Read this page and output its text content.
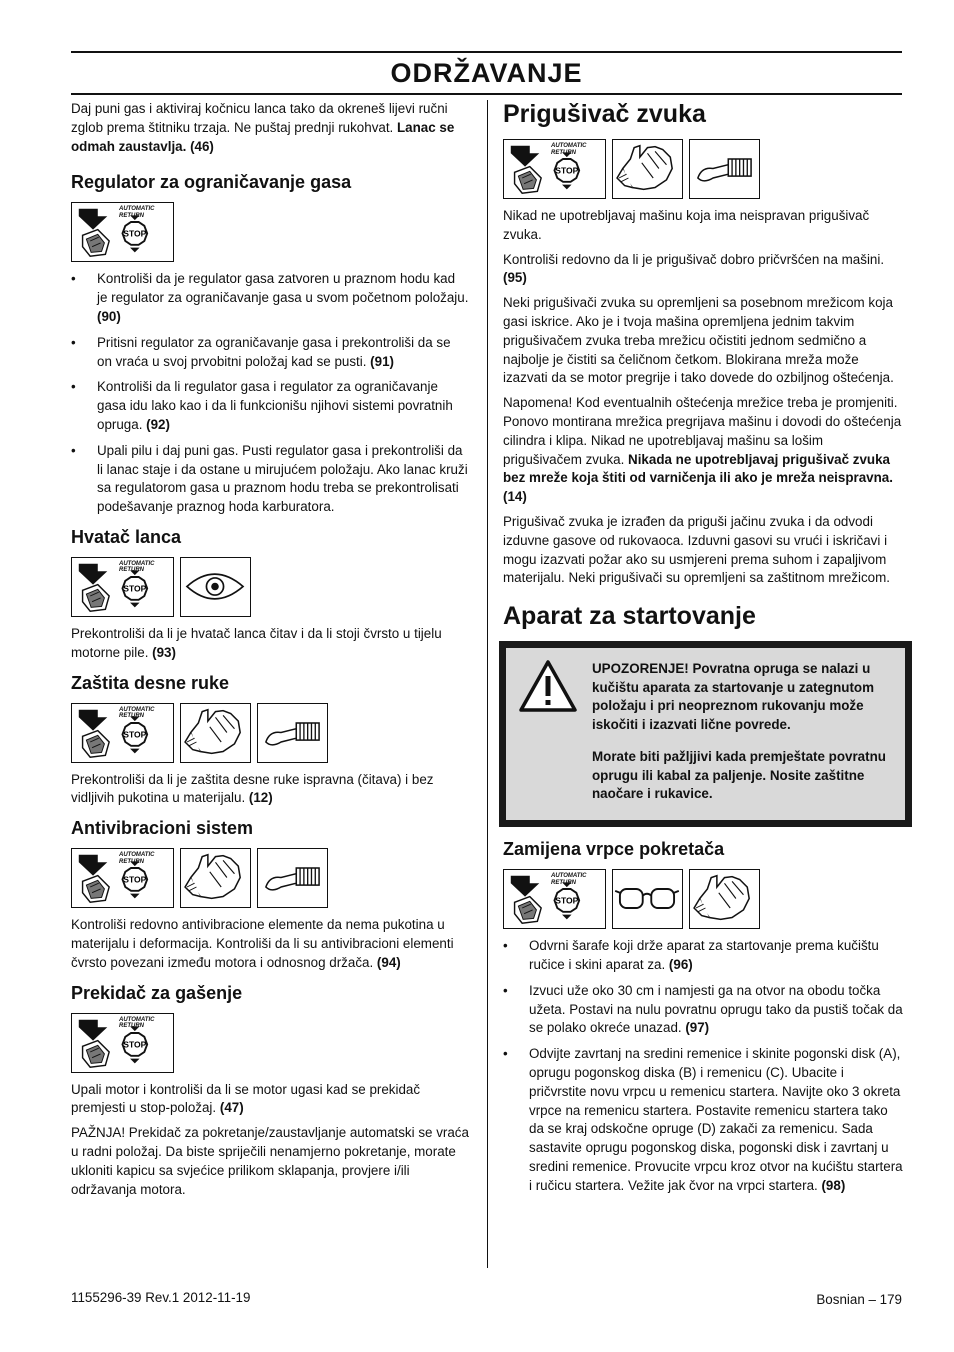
ODRŽAVANJE

Daj puni gas i aktiviraj kočnicu lanca tako da okreneš lijevi ručni zglob prema štitniku trzaja. Ne puštaj prednji rukohvat. Lanac se odmah zaustavlja. (46)

Regulator za ograničavanje gasa
AUTOMATIC RETURN
• Kontroliši da je regulator gasa zatvoren u praznom hodu kad je regulator za ograničavanje gasa u svom početnom položaju. (90)
• Pritisni regulator za ograničavanje gasa i prekontroliši da se on vraća u svoj prvobitni položaj kad se pusti. (91)
• Kontroliši da li regulator gasa i regulator za ograničavanje gasa idu lako kao i da li funkcionišu njihovi sistemi povratnih opruga. (92)
• Upali pilu i daj puni gas. Pusti regulator gasa i prekontroliši da li lanac staje i da ostane u mirujućem položaju. Ako lanac kruži sa regulatorom gasa u praznom hodu treba se prekontrolisati podešavanje praznog hoda karburatora.
Hvatač lanca
AUTOMATIC RETURN

Prekontroliši da li je hvatač lanca čitav i da li stoji čvrsto u tijelu motorne pile. (93)

Zaštita desne ruke
AUTOMATIC RETURN

Prekontroliši da li je zaštita desne ruke ispravna (čitava) i bez vidljivih pukotina u materijalu. (12)

Antivibracioni sistem
AUTOMATIC RETURN

Kontroliši redovno antivibracione elemente da nema pukotina u materijalu i deformacija. Kontroliši da li su antivibracioni elementi čvrsto povezani između motora i odnosnog držača. (94)

Prekidač za gašenje
AUTOMATIC RETURN

Upali motor i kontroliši da li se motor ugasi kad se prekidač premjesti u stop-položaj. (47)

PAŽNJA! Prekidač za pokretanje/zaustavljanje automatski se vraća u radni položaj. Da biste spriječili nenamjerno pokretanje, morate ukloniti kapicu sa svjećice prilikom sklapanja, provjere i/ili održavanja motora.

Prigušivač zvuka
AUTOMATIC RETURN

Nikad ne upotrebljavaj mašinu koja ima neispravan prigušivač zvuka.

Kontroliši redovno da li je prigušivač dobro pričvršćen na mašini. (95)

Neki prigušivači zvuka su opremljeni sa posebnom mrežicom koja gasi iskrice. Ako je i tvoja mašina opremljena jednim takvim prigušivačem zvuka treba mrežicu očistiti jednom sedmično a najbolje je čistiti sa čeličnom četkom. Blokirana mreža može izazvati da se motor pregrije i tako dovede do ozbiljnog oštećenja.

Napomena! Kod eventualnih oštećenja mrežice treba je promjeniti. Ponovo montirana mrežica pregrijava mašinu i dovodi do oštećenja cilindra i klipa. Nikad ne upotrebljavaj mašinu sa lošim prigušivačem zvuka. Nikada ne upotrebljavaj prigušivač zvuka bez mreže koja štiti od varničenja ili ako je mreža neispravna. (14)

Prigušivač zvuka je izrađen da priguši jačinu zvuka i da odvodi izduvne gasove od rukovaoca. Izduvni gasovi su vrući i iskričavi i mogu izazvati požar ako su usmjereni prema suhom i zapaljivom materijalu. Neki prigušivači su opremljeni sa zaštitnom mrežicom.

Aparat za startovanje

UPOZORENJE! Povratna opruga se nalazi u kučištu aparata za startovanje u zategnutom položaju i pri neopreznom rukovanju može iskočiti i izazvati lične povrede.

Morate biti pažljjivi kada premještate povratnu oprugu ili kabal za paljenje. Nosite zaštitne naočare i rukavice.

Zamijena vrpce pokretača
AUTOMATIC RETURN
• Odvrni šarafe koji drže aparat za startovanje prema kučištu ručice i skini aparat za. (96)
• Izvuci uže oko 30 cm i namjesti ga na otvor na obodu točka užeta. Postavi na nulu povratnu oprugu tako da pustiš točak da se polako okreće unazad. (97)
• Odvijte zavrtanj na sredini remenice i skinite pogonski disk (A), oprugu pogonskog diska (B) i remenicu (C). Ubacite i pričvrstite novu vrpcu u remenicu startera. Navijte oko 3 okreta vrpce na remenicu startera. Postavite remenicu startera tako da se kraj odskočne opruge (D) zakači za remenicu. Sada sastavite oprugu pogonskog diska, pogonski disk i zavrtanj u sredini remenice. Provucite vrpcu kroz otvor na kućištu startera i ručicu startera. Vežite jak čvor na vrpci startera. (98)
1155296-39 Rev.1 2012-11-19	Bosnian – 179
